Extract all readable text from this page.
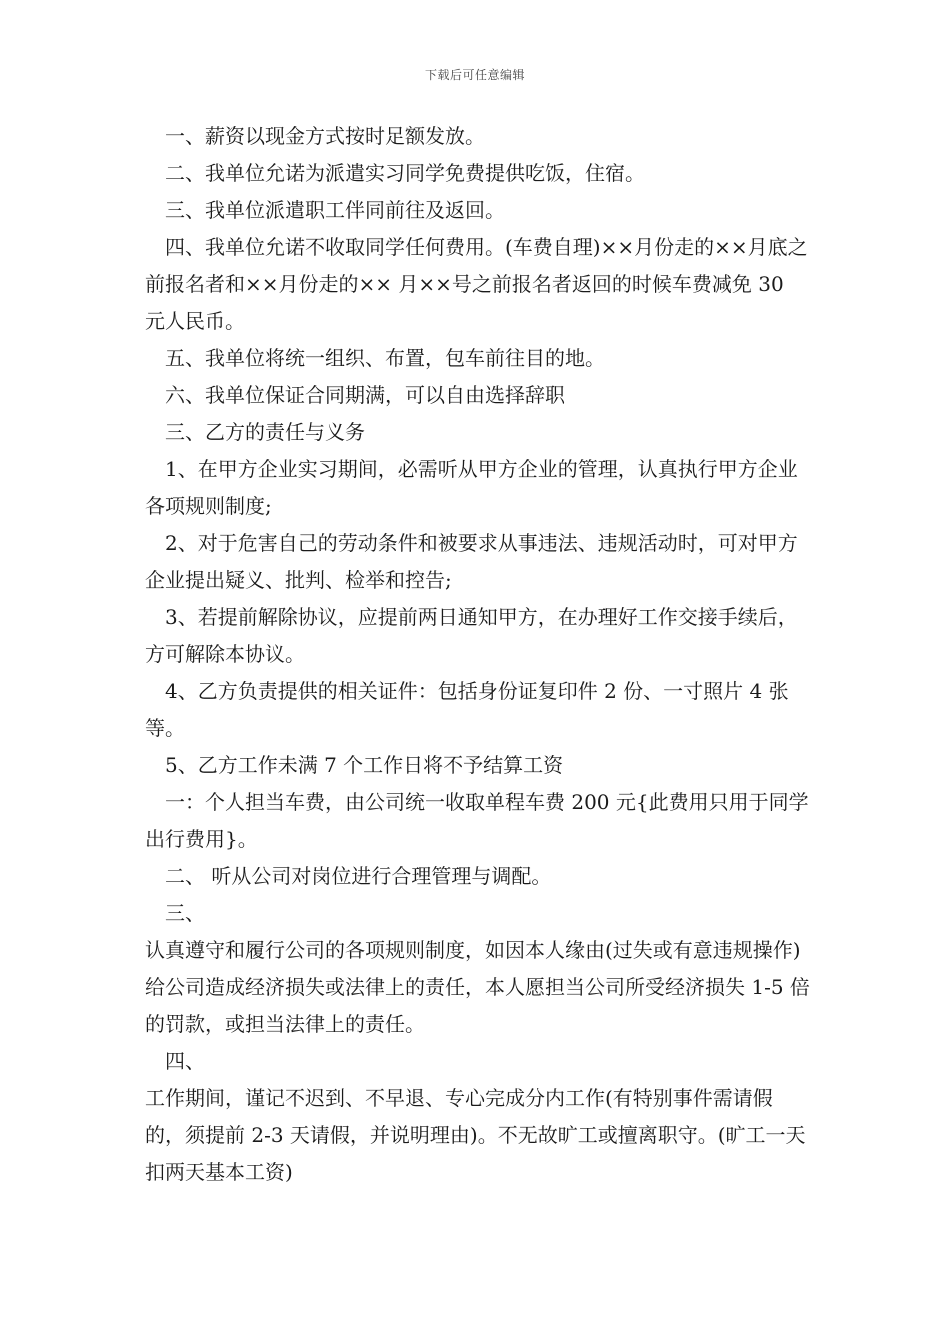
下载后可任意编辑

一、薪资以现金方式按时足额发放。

二、我单位允诺为派遣实习同学免费提供吃饭，住宿。

三、我单位派遣职工伴同前往及返回。

四、我单位允诺不收取同学任何费用。(车费自理)××月份走的××月底之前报名者和××月份走的×× 月××号之前报名者返回的时候车费减免 30 元人民币。

五、我单位将统一组织、布置，包车前往目的地。

六、我单位保证合同期满，可以自由选择辞职

三、乙方的责任与义务

1、在甲方企业实习期间，必需听从甲方企业的管理，认真执行甲方企业各项规则制度;

2、对于危害自己的劳动条件和被要求从事违法、违规活动时，可对甲方企业提出疑义、批判、检举和控告;

3、若提前解除协议，应提前两日通知甲方，在办理好工作交接手续后，方可解除本协议。

4、乙方负责提供的相关证件：包括身份证复印件 2 份、一寸照片 4 张等。

5、乙方工作未满 7 个工作日将不予结算工资

一：个人担当车费，由公司统一收取单程车费 200 元{此费用只用于同学出行费用}。

二、 听从公司对岗位进行合理管理与调配。

三、

认真遵守和履行公司的各项规则制度，如因本人缘由(过失或有意违规操作)给公司造成经济损失或法律上的责任，本人愿担当公司所受经济损失 1-5 倍的罚款，或担当法律上的责任。

四、

工作期间，谨记不迟到、不早退、专心完成分内工作(有特别事件需请假的，须提前 2-3 天请假，并说明理由)。不无故旷工或擅离职守。(旷工一天扣两天基本工资)
